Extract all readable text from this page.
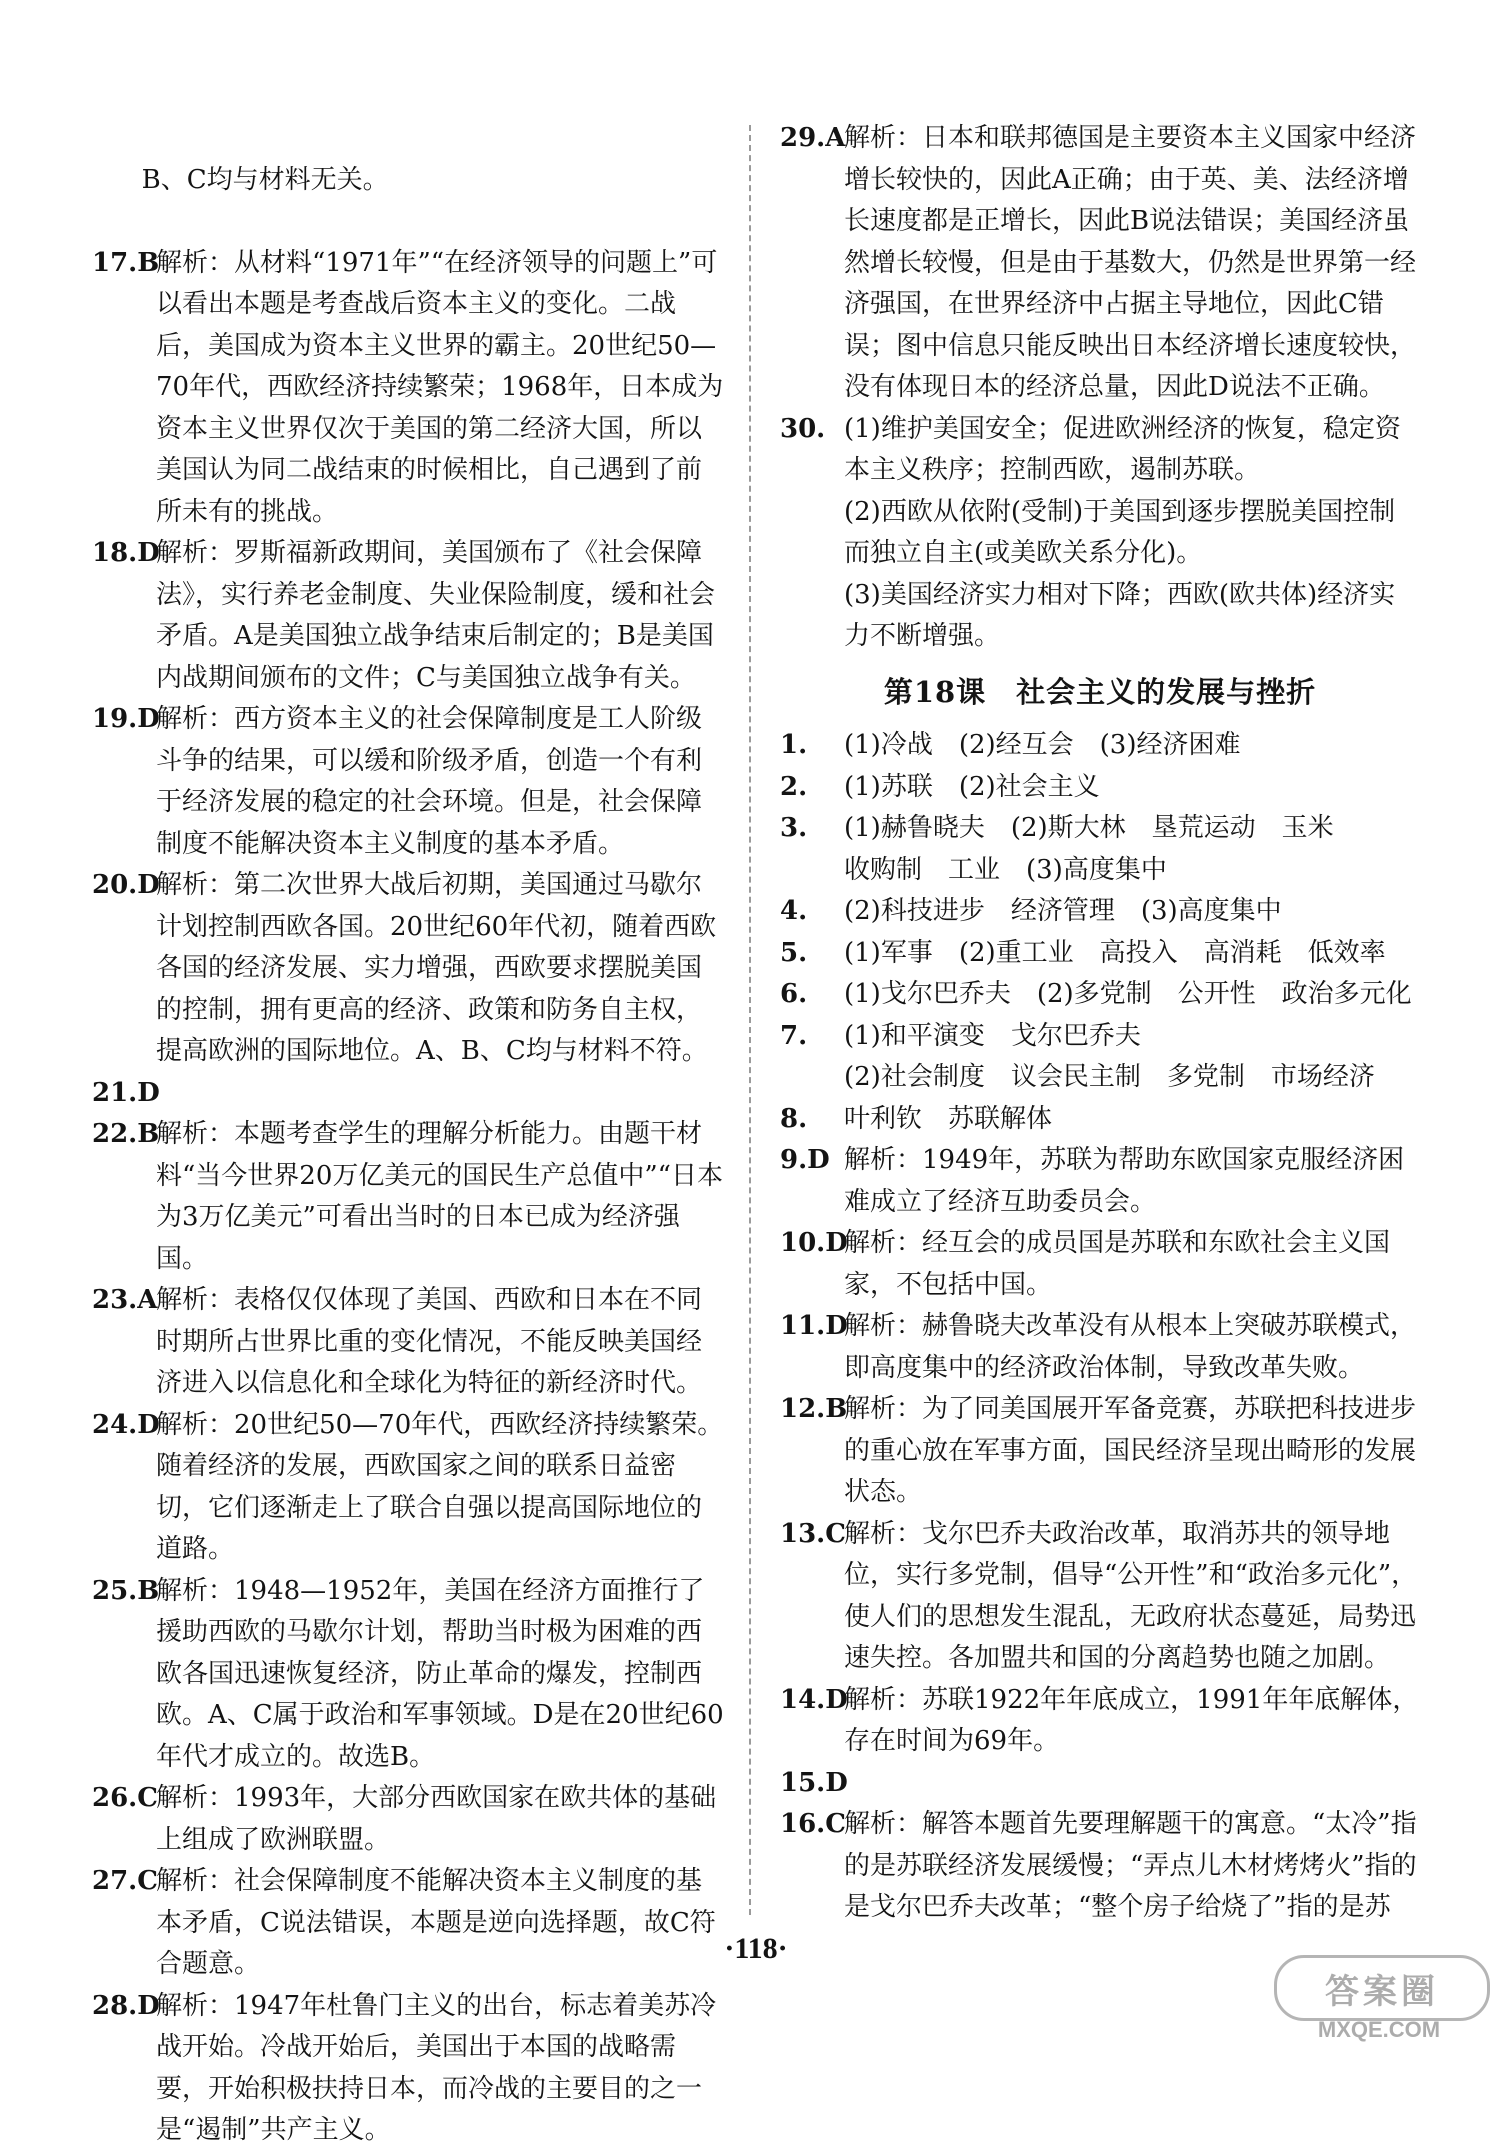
B、C均与材料无关。

17.B解析：从材料“1971年”“在经济领导的问题上”可以看出本题是考查战后资本主义的变化。二战后，美国成为资本主义世界的霸主。20世纪50—70年代，西欧经济持续繁荣；1968年，日本成为资本主义世界仅次于美国的第二经济大国，所以美国认为同二战结束的时候相比，自己遇到了前所未有的挑战。

18.D解析：罗斯福新政期间，美国颁布了《社会保障法》，实行养老金制度、失业保险制度，缓和社会矛盾。A是美国独立战争结束后制定的；B是美国内战期间颁布的文件；C与美国独立战争有关。

19.D解析：西方资本主义的社会保障制度是工人阶级斗争的结果，可以缓和阶级矛盾，创造一个有利于经济发展的稳定的社会环境。但是，社会保障制度不能解决资本主义制度的基本矛盾。

20.D解析：第二次世界大战后初期，美国通过马歇尔计划控制西欧各国。20世纪60年代初，随着西欧各国的经济发展、实力增强，西欧要求摆脱美国的控制，拥有更高的经济、政策和防务自主权，提高欧洲的国际地位。A、B、C均与材料不符。

21.D

22.B解析：本题考查学生的理解分析能力。由题干材料“当今世界20万亿美元的国民生产总值中”“日本为3万亿美元”可看出当时的日本已成为经济强国。

23.A解析：表格仅仅体现了美国、西欧和日本在不同时期所占世界比重的变化情况，不能反映美国经济进入以信息化和全球化为特征的新经济时代。

24.D解析：20世纪50—70年代，西欧经济持续繁荣。随着经济的发展，西欧国家之间的联系日益密切，它们逐渐走上了联合自强以提高国际地位的道路。

25.B解析：1948—1952年，美国在经济方面推行了援助西欧的马歇尔计划，帮助当时极为困难的西欧各国迅速恢复经济，防止革命的爆发，控制西欧。A、C属于政治和军事领域。D是在20世纪60年代才成立的。故选B。

26.C解析：1993年，大部分西欧国家在欧共体的基础上组成了欧洲联盟。

27.C解析：社会保障制度不能解决资本主义制度的基本矛盾，C说法错误，本题是逆向选择题，故C符合题意。

28.D解析：1947年杜鲁门主义的出台，标志着美苏冷战开始。冷战开始后，美国出于本国的战略需要，开始积极扶持日本，而冷战的主要目的之一是“遏制”共产主义。

29.A解析：日本和联邦德国是主要资本主义国家中经济增长较快的，因此A正确；由于英、美、法经济增长速度都是正增长，因此B说法错误；美国经济虽然增长较慢，但是由于基数大，仍然是世界第一经济强国，在世界经济中占据主导地位，因此C错误；图中信息只能反映出日本经济增长速度较快，没有体现日本的经济总量，因此D说法不正确。

30. (1)维护美国安全；促进欧洲经济的恢复，稳定资本主义秩序；控制西欧，遏制苏联。

(2)西欧从依附(受制)于美国到逐步摆脱美国控制而独立自主(或美欧关系分化)。

(3)美国经济实力相对下降；西欧(欧共体)经济实力不断增强。

第18课　社会主义的发展与挫折

1. (1)冷战　(2)经互会　(3)经济困难

2. (1)苏联　(2)社会主义

3. (1)赫鲁晓夫　(2)斯大林　垦荒运动　玉米

收购制　工业　(3)高度集中

4. (2)科技进步　经济管理　(3)高度集中

5. (1)军事　(2)重工业　高投入　高消耗　低效率

6. (1)戈尔巴乔夫　(2)多党制　公开性　政治多元化

7. (1)和平演变　戈尔巴乔夫

(2)社会制度　议会民主制　多党制　市场经济

8. 叶利钦　苏联解体

9.D 解析：1949年，苏联为帮助东欧国家克服经济困难成立了经济互助委员会。

10.D解析：经互会的成员国是苏联和东欧社会主义国家，不包括中国。

11.D解析：赫鲁晓夫改革没有从根本上突破苏联模式，即高度集中的经济政治体制，导致改革失败。

12.B解析：为了同美国展开军备竞赛，苏联把科技进步的重心放在军事方面，国民经济呈现出畸形的发展状态。

13.C解析：戈尔巴乔夫政治改革，取消苏共的领导地位，实行多党制，倡导“公开性”和“政治多元化”，使人们的思想发生混乱，无政府状态蔓延，局势迅速失控。各加盟共和国的分离趋势也随之加剧。

14.D解析：苏联1922年年底成立，1991年年底解体，存在时间为69年。

15.D

16.C解析：解答本题首先要理解题干的寓意。“太冷”指的是苏联经济发展缓慢；“弄点儿木材烤烤火”指的是戈尔巴乔夫改革；“整个房子给烧了”指的是苏

·118·
答案圈
MXQE.COM
